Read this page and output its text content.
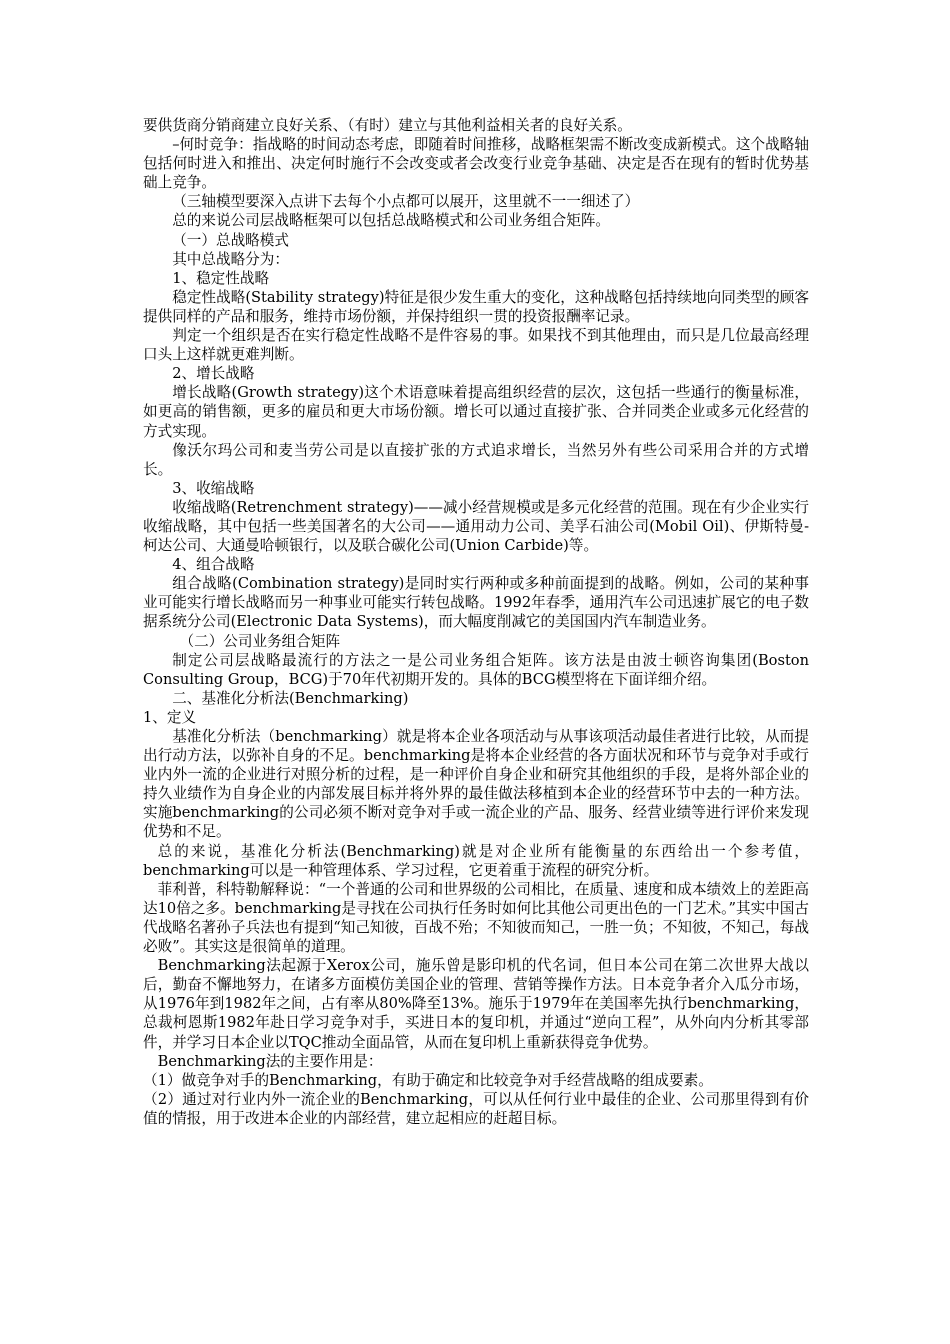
要供货商分销商建立良好关系、（有时）建立与其他利益相关者的良好关系。

–何时竞争：指战略的时间动态考虑，即随着时间推移，战略框架需不断改变成新模式。这个战略轴包括何时进入和推出、决定何时施行不会改变或者会改变行业竞争基础、决定是否在现有的暂时优势基础上竞争。

（三轴模型要深入点讲下去每个小点都可以展开，这里就不一一细述了）

总的来说公司层战略框架可以包括总战略模式和公司业务组合矩阵。

（一）总战略模式

其中总战略分为：

1、稳定性战略

稳定性战略(Stability strategy)特征是很少发生重大的变化，这种战略包括持续地向同类型的顾客提供同样的产品和服务，维持市场份额，并保持组织一贯的投资报酬率记录。

判定一个组织是否在实行稳定性战略不是件容易的事。如果找不到其他理由，而只是几位最高经理口头上这样就更难判断。

2、增长战略

增长战略(Growth strategy)这个术语意味着提高组织经营的层次，这包括一些通行的衡量标准，如更高的销售额，更多的雇员和更大市场份额。增长可以通过直接扩张、合并同类企业或多元化经营的方式实现。

像沃尔玛公司和麦当劳公司是以直接扩张的方式追求增长，当然另外有些公司采用合并的方式增长。

3、收缩战略

收缩战略(Retrenchment strategy)——减小经营规模或是多元化经营的范围。现在有少企业实行收缩战略，其中包括一些美国著名的大公司——通用动力公司、美孚石油公司(Mobil Oil)、伊斯特曼-柯达公司、大通曼哈顿银行，以及联合碳化公司(Union Carbide)等。

4、组合战略

组合战略(Combination strategy)是同时实行两种或多种前面提到的战略。例如，公司的某种事业可能实行增长战略而另一种事业可能实行转包战略。1992年春季，通用汽车公司迅速扩展它的电子数据系统分公司(Electronic Data Systems)，而大幅度削减它的美国国内汽车制造业务。

（二）公司业务组合矩阵

制定公司层战略最流行的方法之一是公司业务组合矩阵。该方法是由波士顿咨询集团(Boston Consulting Group，BCG)于70年代初期开发的。具体的BCG模型将在下面详细介绍。

二、基准化分析法(Benchmarking)

1、定义

基准化分析法（benchmarking）就是将本企业各项活动与从事该项活动最佳者进行比较，从而提出行动方法，以弥补自身的不足。benchmarking是将本企业经营的各方面状况和环节与竞争对手或行业内外一流的企业进行对照分析的过程，是一种评价自身企业和研究其他组织的手段，是将外部企业的持久业绩作为自身企业的内部发展目标并将外界的最佳做法移植到本企业的经营环节中去的一种方法。实施benchmarking的公司必须不断对竞争对手或一流企业的产品、服务、经营业绩等进行评价来发现优势和不足。

总的来说，基准化分析法(Benchmarking)就是对企业所有能衡量的东西给出一个参考值，benchmarking可以是一种管理体系、学习过程，它更着重于流程的研究分析。

菲利普，科特勒解释说：“一个普通的公司和世界级的公司相比，在质量、速度和成本绩效上的差距高达10倍之多。benchmarking是寻找在公司执行任务时如何比其他公司更出色的一门艺术。”其实中国古代战略名著孙子兵法也有提到“知己知彼，百战不殆；不知彼而知己，一胜一负；不知彼，不知己，每战必败”。其实这是很简单的道理。

Benchmarking法起源于Xerox公司，施乐曾是影印机的代名词，但日本公司在第二次世界大战以后，勤奋不懈地努力，在诸多方面模仿美国企业的管理、营销等操作方法。日本竞争者介入瓜分市场，从1976年到1982年之间，占有率从80%降至13%。施乐于1979年在美国率先执行benchmarking，总裁柯恩斯1982年赴日学习竞争对手，买进日本的复印机，并通过“逆向工程”，从外向内分析其零部件，并学习日本企业以TQC推动全面品管，从而在复印机上重新获得竞争优势。

Benchmarking法的主要作用是：

（1）做竞争对手的Benchmarking，有助于确定和比较竞争对手经营战略的组成要素。

（2）通过对行业内外一流企业的Benchmarking，可以从任何行业中最佳的企业、公司那里得到有价值的情报，用于改进本企业的内部经营，建立起相应的赶超目标。
